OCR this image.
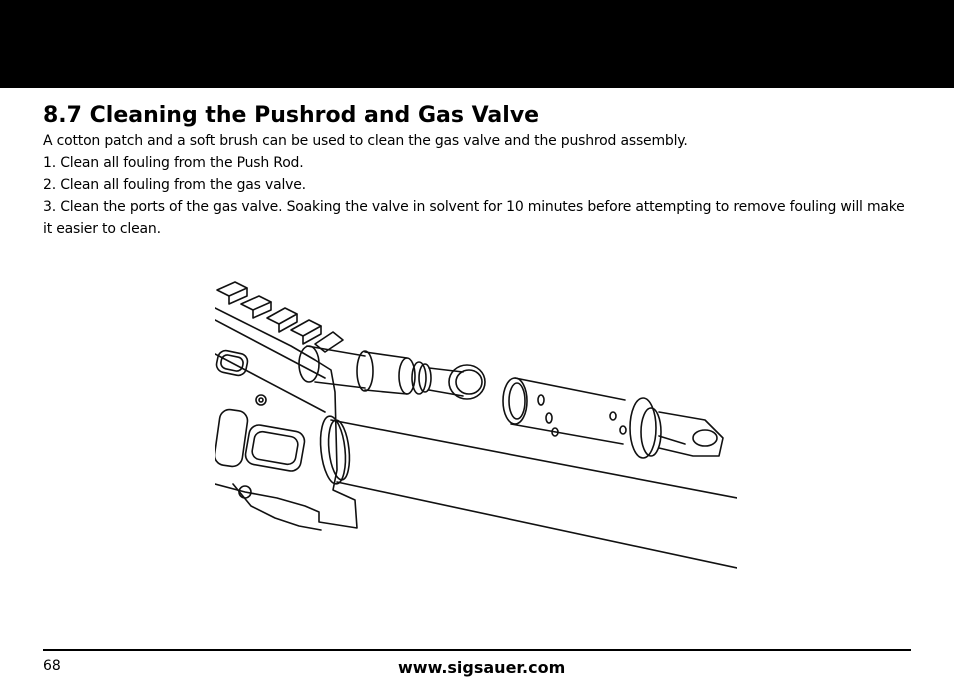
8.7 Cleaning the Pushrod and Gas Valve

A cotton patch and a soft brush can be used to clean the gas valve and the pushrod assembly.

1. Clean all fouling from the Push Rod.

2. Clean all fouling from the gas valve.

3. Clean the ports of the gas valve. Soaking the valve in solvent for 10 minutes before attempting to remove fouling will make it easier to clean.

68	www.sigsauer.com
